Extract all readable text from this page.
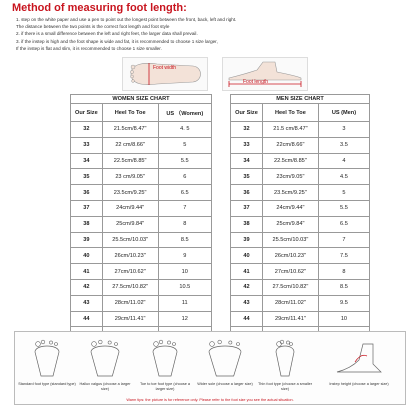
Method of measuring foot length:
1. step on the white paper and use a pen to point out the longest point between the front, back, left and right.
The distance between the two points is the correct foot length and foot style
2. if there is a small difference between the left and right feet, the larger data shall prevail.
3. if the instep is high and the foot shape is wide and fat, it is recommended to choose 1 size larger,
If the instep is flat and slim, it is recommended to choose 1 size smaller.
Foot width
Foot length
WOMEN SIZE CHART		
Our Size	Heel To Toe	US （Women)
32	21.5cm/8.47"	4. 5
33	22 cm/8.66"	5
34	22.5cm/8.85"	5.5
35	23 cm/9.05"	6
36	23.5cm/9.25"	6.5
37	24cm/9.44"	7
38	25cm/9.84"	8
39	25.5cm/10.03"	8.5
40	26cm/10.23"	9
41	27cm/10.62"	10
42	27.5cm/10.82"	10.5
43	28cm/11.02"	11
44	29cm/11.41"	12

MEN SIZE CHART		
Our Size	Heel To Toe	US (Men)
32	21.5 cm/8.47"	3
33	22cm/8.66"	3.5
34	22.5cm/8.85"	4
35	23cm/9.05"	4.5
36	23.5cm/9.25"	5
37	24cm/9.44"	5.5
38	25cm/9.84"	6.5
39	25.5cm/10.03"	7
40	26cm/10.23"	7.5
41	27cm/10.62"	8
42	27.5cm/10.82"	8.5
43	28cm/11.02"	9.5
44	29cm/11.41"	10

Standard foot type (standard type) Hallux valgus (choose a larger size)
Toe to toe foot type (choose a larger size)
Wider sole (choose a larger size)	Thin foot type (choose a smaller size)
Instep height (choose a larger size)
Warm tips: the picture is for reference only. Please refer to the foot size you see the actual situation.
